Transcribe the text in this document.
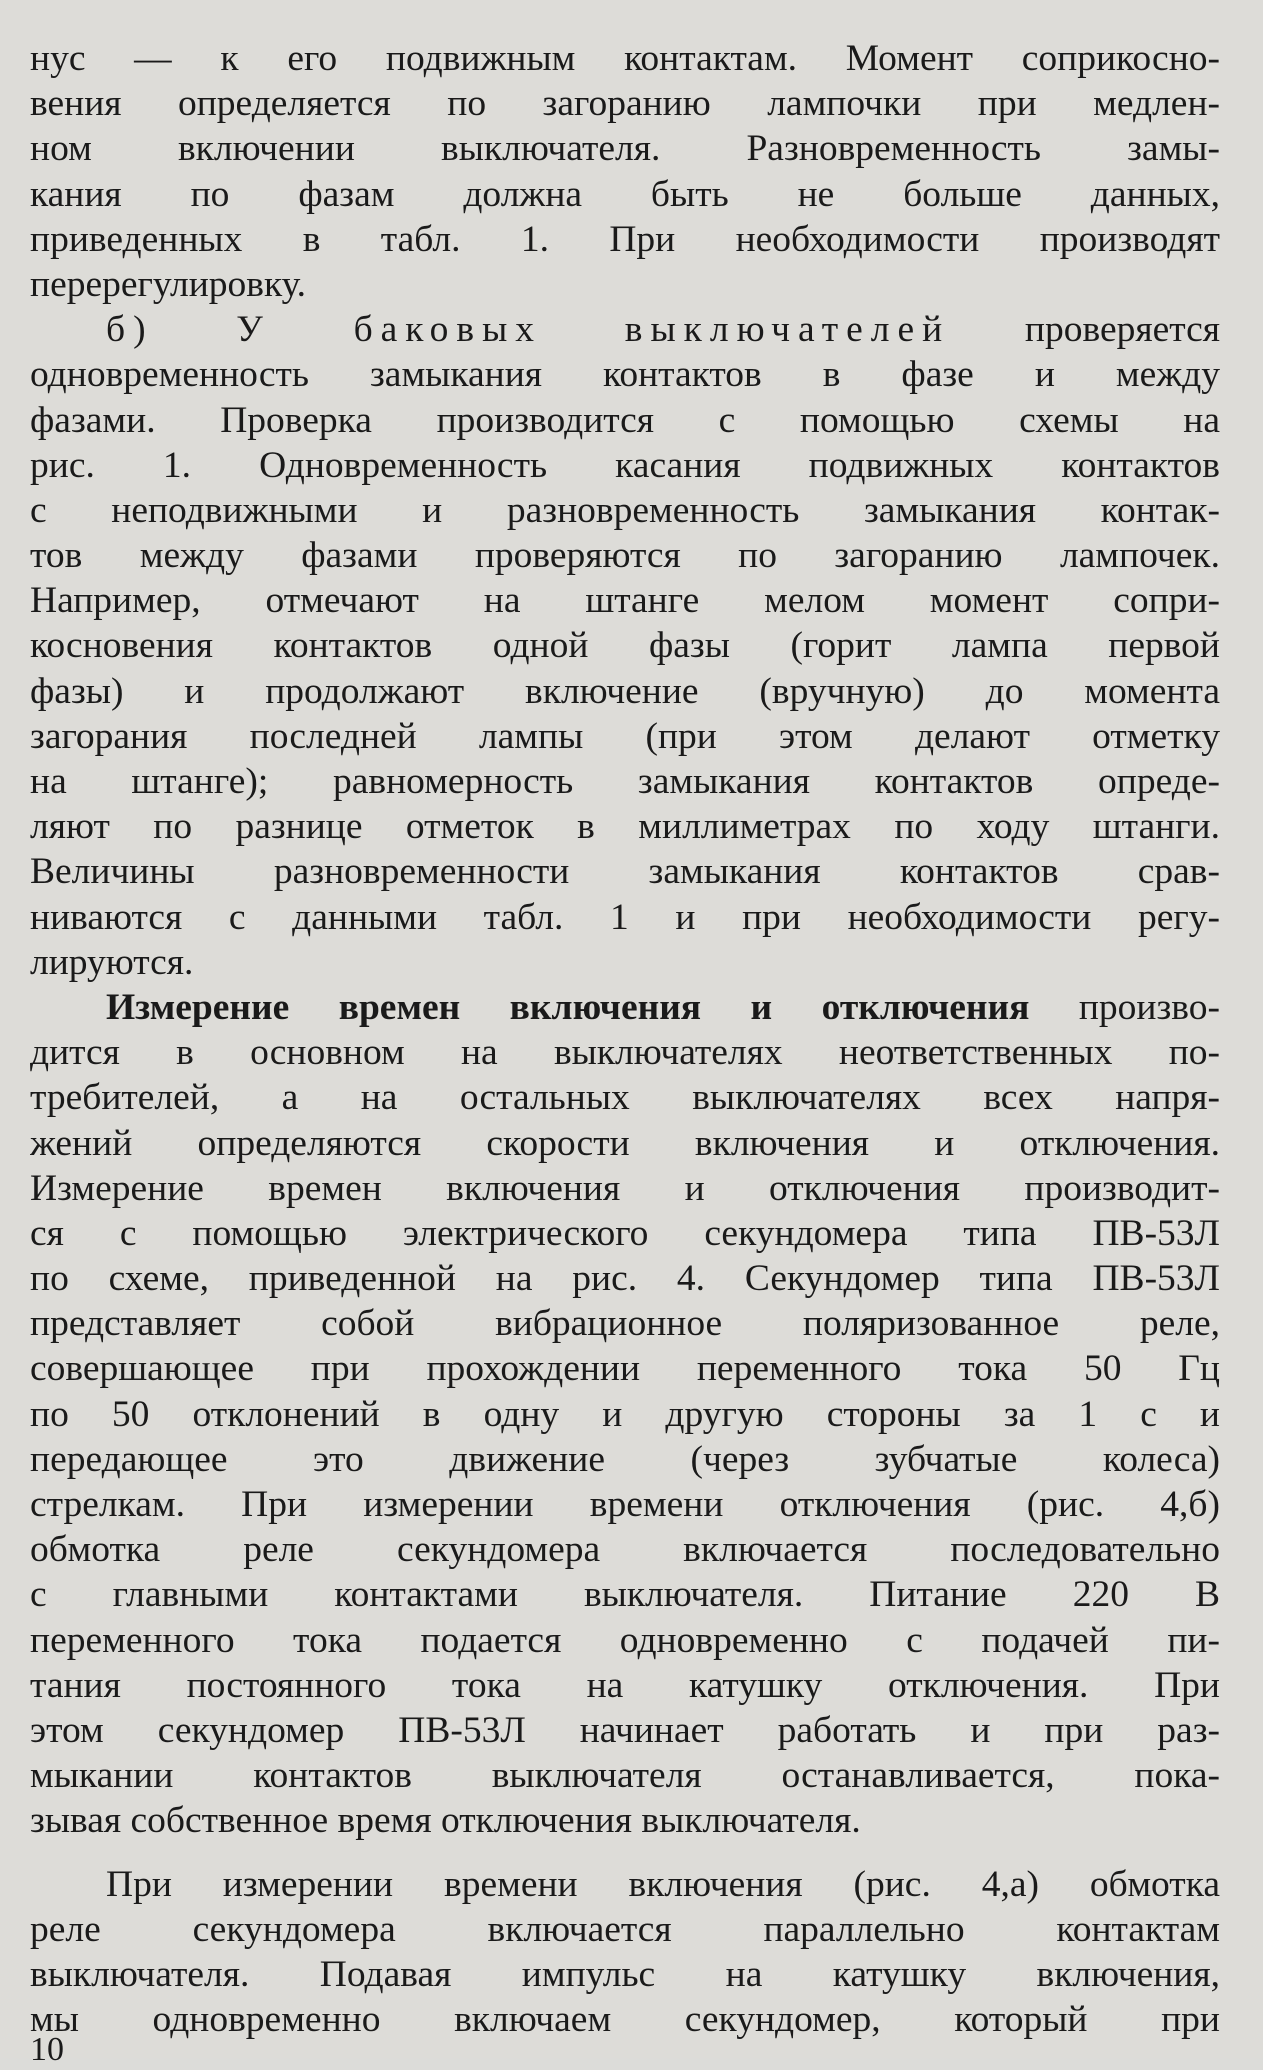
нус — к его подвижным контактам. Момент соприкосно-
вения определяется по загоранию лампочки при медлен-
ном включении выключателя. Разновременность замы-
кания по фазам должна быть не больше данных,
приведенных в табл. 1. При необходимости производят
перерегулировку.
б) У баковых выключателей проверяется
одновременность замыкания контактов в фазе и между
фазами. Проверка производится с помощью схемы на
рис. 1. Одновременность касания подвижных контактов
с неподвижными и разновременность замыкания контак-
тов между фазами проверяются по загоранию лампочек.
Например, отмечают на штанге мелом момент сопри-
косновения контактов одной фазы (горит лампа первой
фазы) и продолжают включение (вручную) до момента
загорания последней лампы (при этом делают отметку
на штанге); равномерность замыкания контактов опреде-
ляют по разнице отметок в миллиметрах по ходу штанги.
Величины разновременности замыкания контактов срав-
ниваются с данными табл. 1 и при необходимости регу-
лируются.
Измерение времен включения и отключения произво-
дится в основном на выключателях неответственных по-
требителей, а на остальных выключателях всех напря-
жений определяются скорости включения и отключения.
Измерение времен включения и отключения производит-
ся с помощью электрического секундомера типа ПВ-53Л
по схеме, приведенной на рис. 4. Секундомер типа ПВ-53Л
представляет собой вибрационное поляризованное реле,
совершающее при прохождении переменного тока 50 Гц
по 50 отклонений в одну и другую стороны за 1 с и
передающее это движение (через зубчатые колеса)
стрелкам. При измерении времени отключения (рис. 4,б)
обмотка реле секундомера включается последовательно
с главными контактами выключателя. Питание 220 В
переменного тока подается одновременно с подачей пи-
тания постоянного тока на катушку отключения. При
этом секундомер ПВ-53Л начинает работать и при раз-
мыкании контактов выключателя останавливается, пока-
зывая собственное время отключения выключателя.
При измерении времени включения (рис. 4,а) обмотка
реле секундомера включается параллельно контактам
выключателя. Подавая импульс на катушку включения,
мы одновременно включаем секундомер, который при
10
